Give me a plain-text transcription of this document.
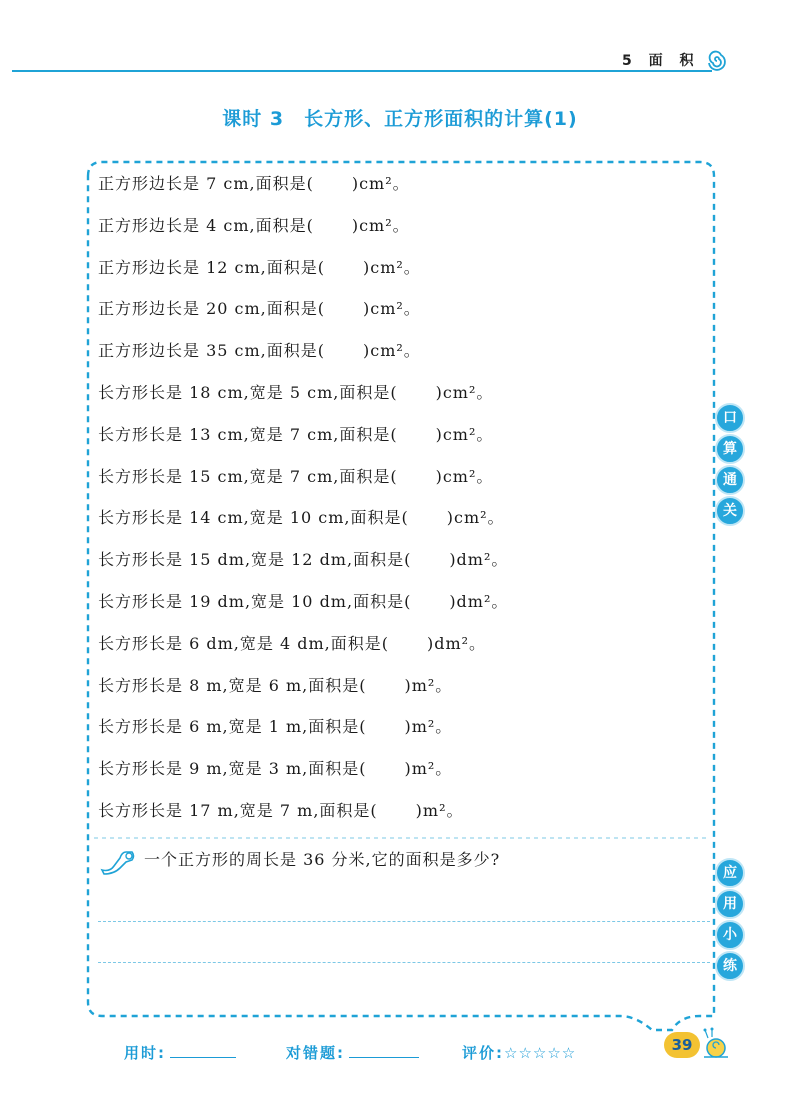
5 面 积
课时 3 长方形、正方形面积的计算(1)
正方形边长是 7 cm,面积是( )cm²。
正方形边长是 4 cm,面积是( )cm²。
正方形边长是 12 cm,面积是( )cm²。
正方形边长是 20 cm,面积是( )cm²。
正方形边长是 35 cm,面积是( )cm²。
长方形长是 18 cm,宽是 5 cm,面积是( )cm²。
长方形长是 13 cm,宽是 7 cm,面积是( )cm²。
长方形长是 15 cm,宽是 7 cm,面积是( )cm²。
长方形长是 14 cm,宽是 10 cm,面积是( )cm²。
长方形长是 15 dm,宽是 12 dm,面积是( )dm²。
长方形长是 19 dm,宽是 10 dm,面积是( )dm²。
长方形长是 6 dm,宽是 4 dm,面积是( )dm²。
长方形长是 8 m,宽是 6 m,面积是( )m²。
长方形长是 6 m,宽是 1 m,面积是( )m²。
长方形长是 9 m,宽是 3 m,面积是( )m²。
长方形长是 17 m,宽是 7 m,面积是( )m²。
一个正方形的周长是 36 分米,它的面积是多少?
口
算
通
关
应
用
小
练
用时:	对错题:	评价:☆☆☆☆☆	39
